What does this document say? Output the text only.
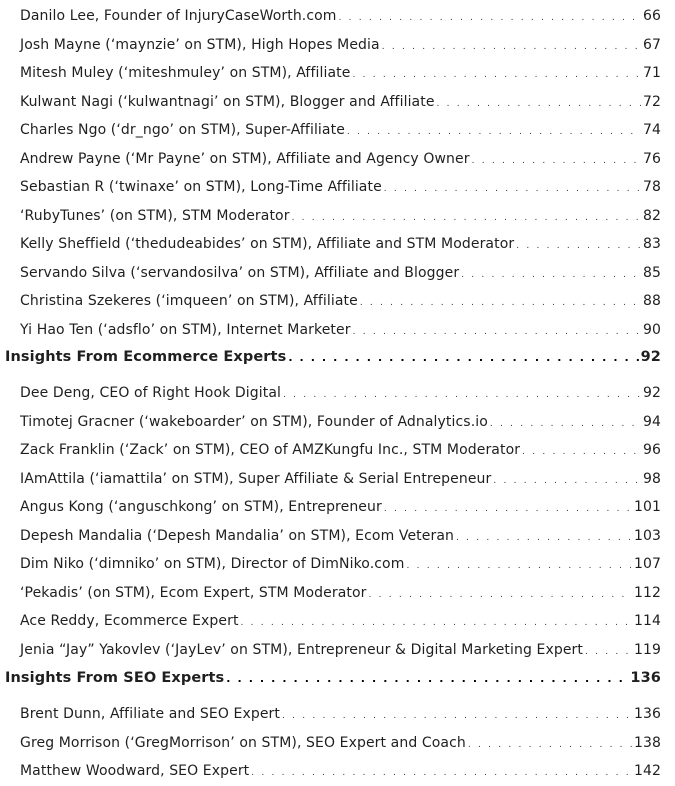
Danilo Lee, Founder of InjuryCaseWorth.com . . .	66
Josh Mayne (‘maynzie’ on STM), High Hopes Media . . .	67
Mitesh Muley (‘miteshmuley’ on STM), Affiliate . . .	71
Kulwant Nagi (‘kulwantnagi’ on STM), Blogger and Affiliate . . .	72
Charles Ngo (‘dr_ngo’ on STM), Super-Affiliate . . .	74
Andrew Payne (‘Mr Payne’ on STM), Affiliate and Agency Owner . . .	76
Sebastian R (‘twinaxe’ on STM), Long-Time Affiliate . . .	78
‘RubyTunes’ (on STM), STM Moderator . . .	82
Kelly Sheffield (‘thedudeabides’ on STM), Affiliate and STM Moderator . . .	83
Servando Silva (‘servandosilva’ on STM), Affiliate and Blogger . . .	85
Christina Szekeres (‘imqueen’ on STM), Affiliate . . .	88
Yi Hao Ten (‘adsflo’ on STM), Internet Marketer . . .	90
Insights From Ecommerce Experts . . .	92
Dee Deng, CEO of Right Hook Digital . . .	92
Timotej Gracner (‘wakeboarder’ on STM), Founder of Adnalytics.io . . .	94
Zack Franklin (‘Zack’ on STM), CEO of AMZKungfu Inc., STM Moderator . . .	96
IAmAttila (‘iamattila’ on STM), Super Affiliate & Serial Entrepeneur . . .	98
Angus Kong (‘anguschkong’ on STM), Entrepreneur . . .	101
Depesh Mandalia (‘Depesh Mandalia’ on STM), Ecom Veteran . . .	103
Dim Niko (‘dimniko’ on STM), Director of DimNiko.com . . .	107
‘Pekadis’ (on STM), Ecom Expert, STM Moderator . . .	112
Ace Reddy, Ecommerce Expert . . .	114
Jenia “Jay” Yakovlev (‘JayLev’ on STM), Entrepreneur & Digital Marketing Expert . . .	119
Insights From SEO Experts . . .	136
Brent Dunn, Affiliate and SEO Expert . . .	136
Greg Morrison (‘GregMorrison’ on STM), SEO Expert and Coach . . .	138
Matthew Woodward, SEO Expert . . .	142
